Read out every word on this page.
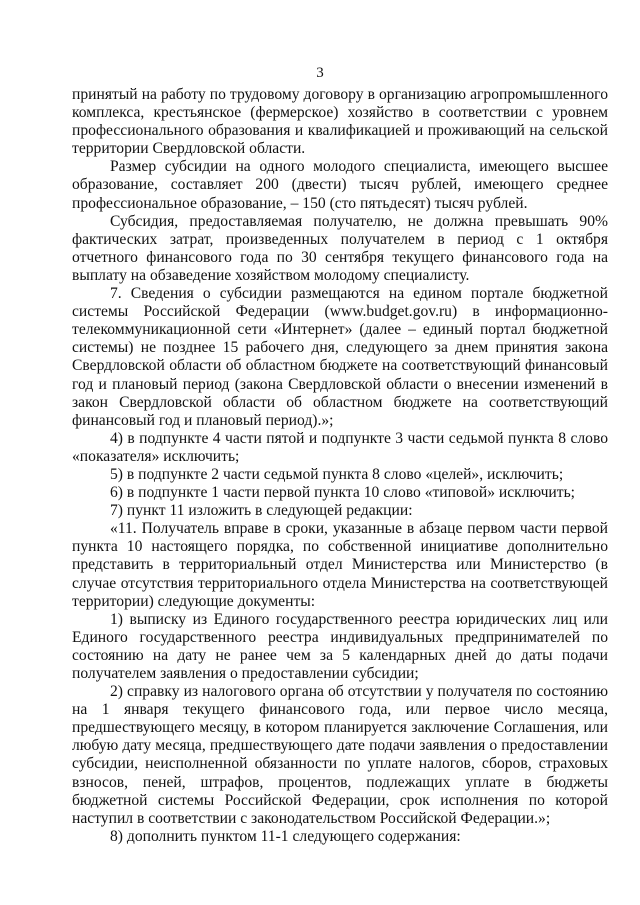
3

принятый на работу по трудовому договору в организацию агропромышленного комплекса, крестьянское (фермерское) хозяйство в соответствии с уровнем профессионального образования и квалификацией и проживающий на сельской территории Свердловской области.

Размер субсидии на одного молодого специалиста, имеющего высшее образование, составляет 200 (двести) тысяч рублей, имеющего среднее профессиональное образование, – 150 (сто пятьдесят) тысяч рублей.

Субсидия, предоставляемая получателю, не должна превышать 90% фактических затрат, произведенных получателем в период с 1 октября отчетного финансового года по 30 сентября текущего финансового года на выплату на обзаведение хозяйством молодому специалисту.

7. Сведения о субсидии размещаются на едином портале бюджетной системы Российской Федерации (www.budget.gov.ru) в информационно-телекоммуникационной сети «Интернет» (далее – единый портал бюджетной системы) не позднее 15 рабочего дня, следующего за днем принятия закона Свердловской области об областном бюджете на соответствующий финансовый год и плановый период (закона Свердловской области о внесении изменений в закон Свердловской области об областном бюджете на соответствующий финансовый год и плановый период).»;

4) в подпункте 4 части пятой и подпункте 3 части седьмой пункта 8 слово «показателя» исключить;

5) в подпункте 2 части седьмой пункта 8 слово «целей», исключить;

6) в подпункте 1 части первой пункта 10 слово «типовой» исключить;

7) пункт 11 изложить в следующей редакции:

«11. Получатель вправе в сроки, указанные в абзаце первом части первой пункта 10 настоящего порядка, по собственной инициативе дополнительно представить в территориальный отдел Министерства или Министерство (в случае отсутствия территориального отдела Министерства на соответствующей территории) следующие документы:

1) выписку из Единого государственного реестра юридических лиц или Единого государственного реестра индивидуальных предпринимателей по состоянию на дату не ранее чем за 5 календарных дней до даты подачи получателем заявления о предоставлении субсидии;

2) справку из налогового органа об отсутствии у получателя по состоянию на 1 января текущего финансового года, или первое число месяца, предшествующего месяцу, в котором планируется заключение Соглашения, или любую дату месяца, предшествующего дате подачи заявления о предоставлении субсидии, неисполненной обязанности по уплате налогов, сборов, страховых взносов, пеней, штрафов, процентов, подлежащих уплате в бюджеты бюджетной системы Российской Федерации, срок исполнения по которой наступил в соответствии с законодательством Российской Федерации.»;

8) дополнить пунктом 11-1 следующего содержания:
